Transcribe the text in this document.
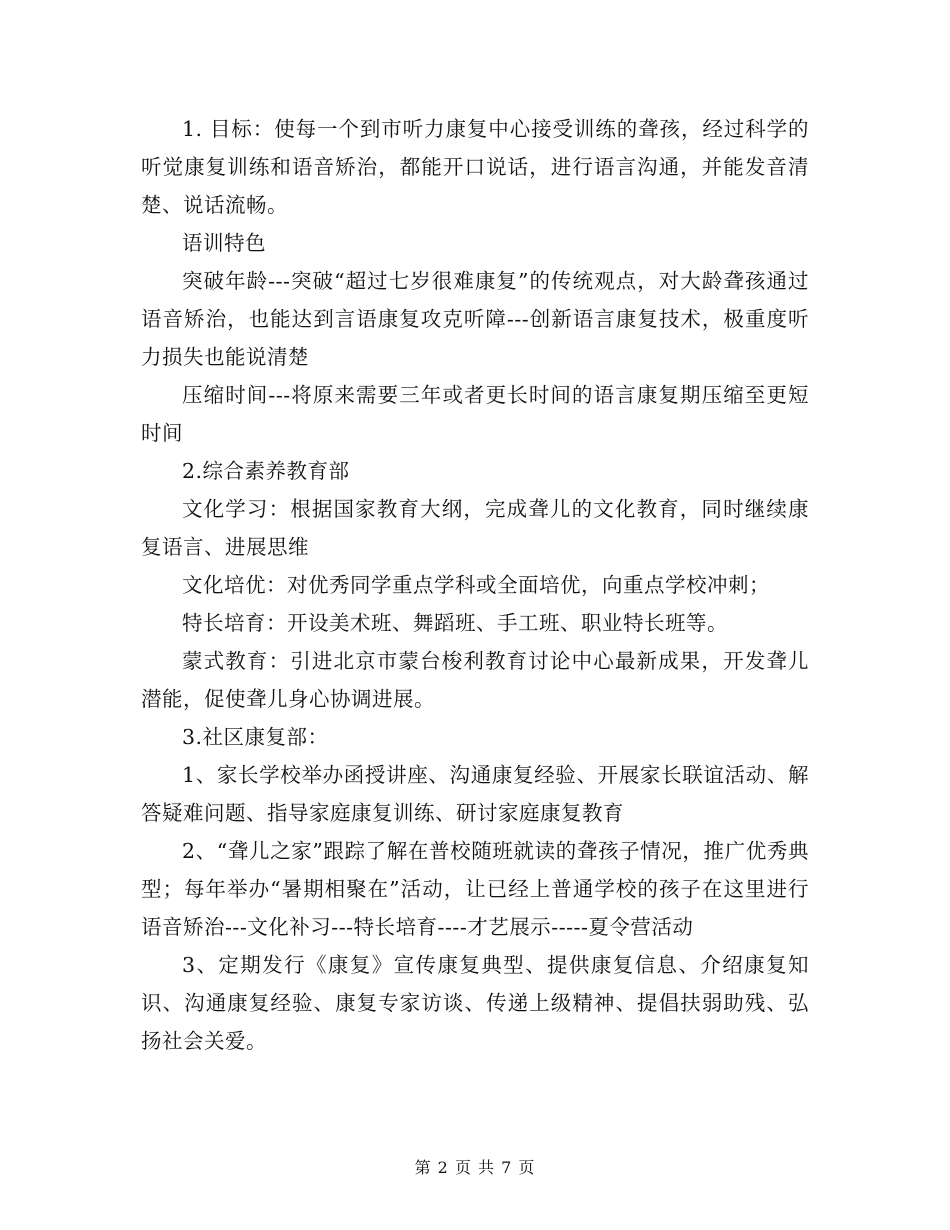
1. 目标：使每一个到市听力康复中心接受训练的聋孩，经过科学的听觉康复训练和语音矫治，都能开口说话，进行语言沟通，并能发音清楚、说话流畅。

语训特色

突破年龄---突破“超过七岁很难康复”的传统观点，对大龄聋孩通过语音矫治，也能达到言语康复攻克听障---创新语言康复技术，极重度听力损失也能说清楚

压缩时间---将原来需要三年或者更长时间的语言康复期压缩至更短时间

2.综合素养教育部

文化学习：根据国家教育大纲，完成聋儿的文化教育，同时继续康复语言、进展思维

文化培优：对优秀同学重点学科或全面培优，向重点学校冲刺；

特长培育：开设美术班、舞蹈班、手工班、职业特长班等。

蒙式教育：引进北京市蒙台梭利教育讨论中心最新成果，开发聋儿潜能，促使聋儿身心协调进展。

3.社区康复部：

1、家长学校举办函授讲座、沟通康复经验、开展家长联谊活动、解答疑难问题、指导家庭康复训练、研讨家庭康复教育

2、“聋儿之家”跟踪了解在普校随班就读的聋孩子情况，推广优秀典型；每年举办“暑期相聚在”活动，让已经上普通学校的孩子在这里进行语音矫治---文化补习---特长培育----才艺展示-----夏令营活动

3、定期发行《康复》宣传康复典型、提供康复信息、介绍康复知识、沟通康复经验、康复专家访谈、传递上级精神、提倡扶弱助残、弘扬社会关爱。

第 2 页 共 7 页
